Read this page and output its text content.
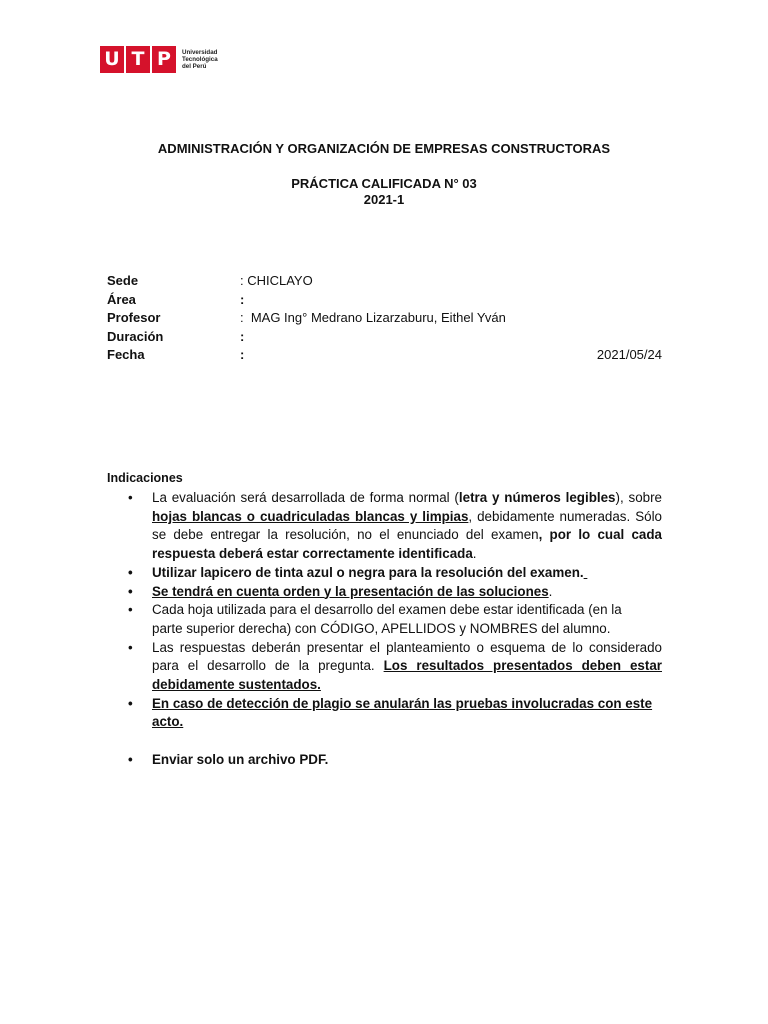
U T P	Universidad
Tecnológica
del Perú
ADMINISTRACIÓN Y ORGANIZACIÓN DE EMPRESAS CONSTRUCTORAS
PRÁCTICA CALIFICADA N° 03
2021-1
Sede	: CHICLAYO
Área	:
Profesor	:  MAG Ing° Medrano Lizarzaburu, Eithel Yván
Duración	:
Fecha	:	2021/05/24
Indicaciones
• La evaluación será desarrollada de forma normal (letra y números legibles), sobre hojas blancas o cuadriculadas blancas y limpias, debidamente numeradas. Sólo se debe entregar la resolución, no el enunciado del examen, por lo cual cada respuesta deberá estar correctamente identificada.
• Utilizar lapicero de tinta azul o negra para la resolución del examen.
• Se tendrá en cuenta orden y la presentación de las soluciones.
• Cada hoja utilizada para el desarrollo del examen debe estar identificada (en la
parte superior derecha) con CÓDIGO, APELLIDOS y NOMBRES del alumno.
• Las respuestas deberán presentar el planteamiento o esquema de lo considerado para el desarrollo de la pregunta. Los resultados presentados deben estar debidamente sustentados.
• En caso de detección de plagio se anularán las pruebas involucradas con este
acto.
• Enviar solo un archivo PDF.
